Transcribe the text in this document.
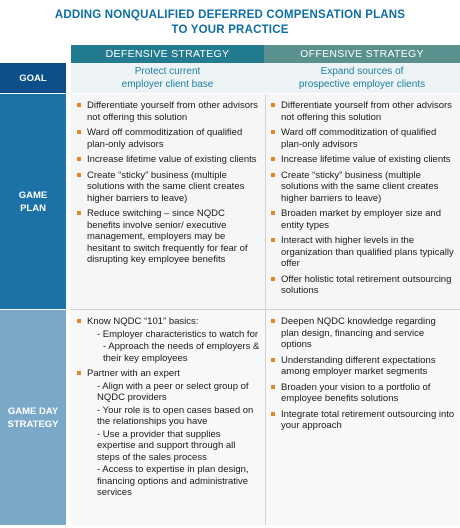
ADDING NONQUALIFIED DEFERRED COMPENSATION PLANS
TO YOUR PRACTICE
DEFENSIVE STRATEGY	OFFENSIVE STRATEGY
GOAL
GAME
PLAN
GAME DAY
STRATEGY
Protect current
employer client base
Expand sources of
prospective employer clients
Differentiate yourself from other advisors not offering this solution
Ward off commoditization of qualified plan-only advisors
Increase lifetime value of existing clients
Create “sticky” business (multiple solutions with the same client creates higher barriers to leave)
Reduce switching – since NQDC benefits involve senior/ executive management, employers may be hesitant to switch frequently for fear of disrupting key employee benefits
Differentiate yourself from other advisors not offering this solution
Ward off commoditization of qualified plan-only advisors
Increase lifetime value of existing clients
Create “sticky” business (multiple solutions with the same client creates higher barriers to leave)
Broaden market by employer size and entity types
Interact with higher levels in the organization than qualified plans typically offer
Offer holistic total retirement outsourcing solutions
Know NQDC “101” basics:
- Employer characteristics to watch for
- Approach the needs of employers & their key employees
Partner with an expert
- Align with a peer or select group of NQDC providers
- Your role is to open cases based on the relationships you have
- Use a provider that supplies expertise and support through all steps of the sales process
- Access to expertise in plan design, financing options and administrative services
Deepen NQDC knowledge regarding plan design, financing and service options
Understanding different expectations among employer market segments
Broaden your vision to a portfolio of employee benefits solutions
Integrate total retirement outsourcing into your approach
